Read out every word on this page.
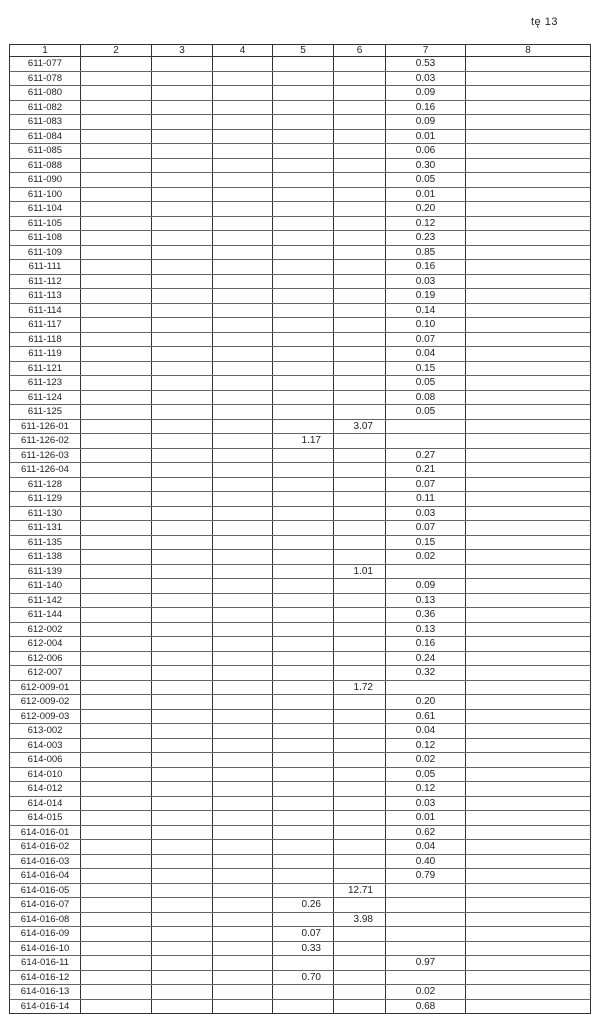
tę 13
1	2	3	4	5	6	7	8
611-077						0.53	
611-078						0.03	
611-080						0.09	
611-082						0.16	
611-083						0.09	
611-084						0.01	
611-085						0.06	
611-088						0.30	
611-090						0.05	
611-100						0.01	
611-104						0.20	
611-105						0.12	
611-108						0.23	
611-109						0.85	
611-111						0.16	
611-112						0.03	
611-113						0.19	
611-114						0.14	
611-117						0.10	
611-118						0.07	
611-119						0.04	
611-121						0.15	
611-123						0.05	
611-124						0.08	
611-125						0.05	
611-126-01					3.07		
611-126-02				1.17			
611-126-03						0.27	
611-126-04						0.21	
611-128						0.07	
611-129						0.11	
611-130						0.03	
611-131						0.07	
611-135						0.15	
611-138						0.02	
611-139					1.01		
611-140						0.09	
611-142						0.13	
611-144						0.36	
612-002						0.13	
612-004						0.16	
612-006						0.24	
612-007						0.32	
612-009-01					1.72		
612-009-02						0.20	
612-009-03						0.61	
613-002						0.04	
614-003						0.12	
614-006						0.02	
614-010						0.05	
614-012						0.12	
614-014						0.03	
614-015						0.01	
614-016-01						0.62	
614-016-02						0.04	
614-016-03						0.40	
614-016-04						0.79	
614-016-05					12.71		
614-016-07				0.26			
614-016-08					3.98		
614-016-09				0.07			
614-016-10				0.33			
614-016-11						0.97	
614-016-12				0.70			
614-016-13						0.02	
614-016-14						0.68	
